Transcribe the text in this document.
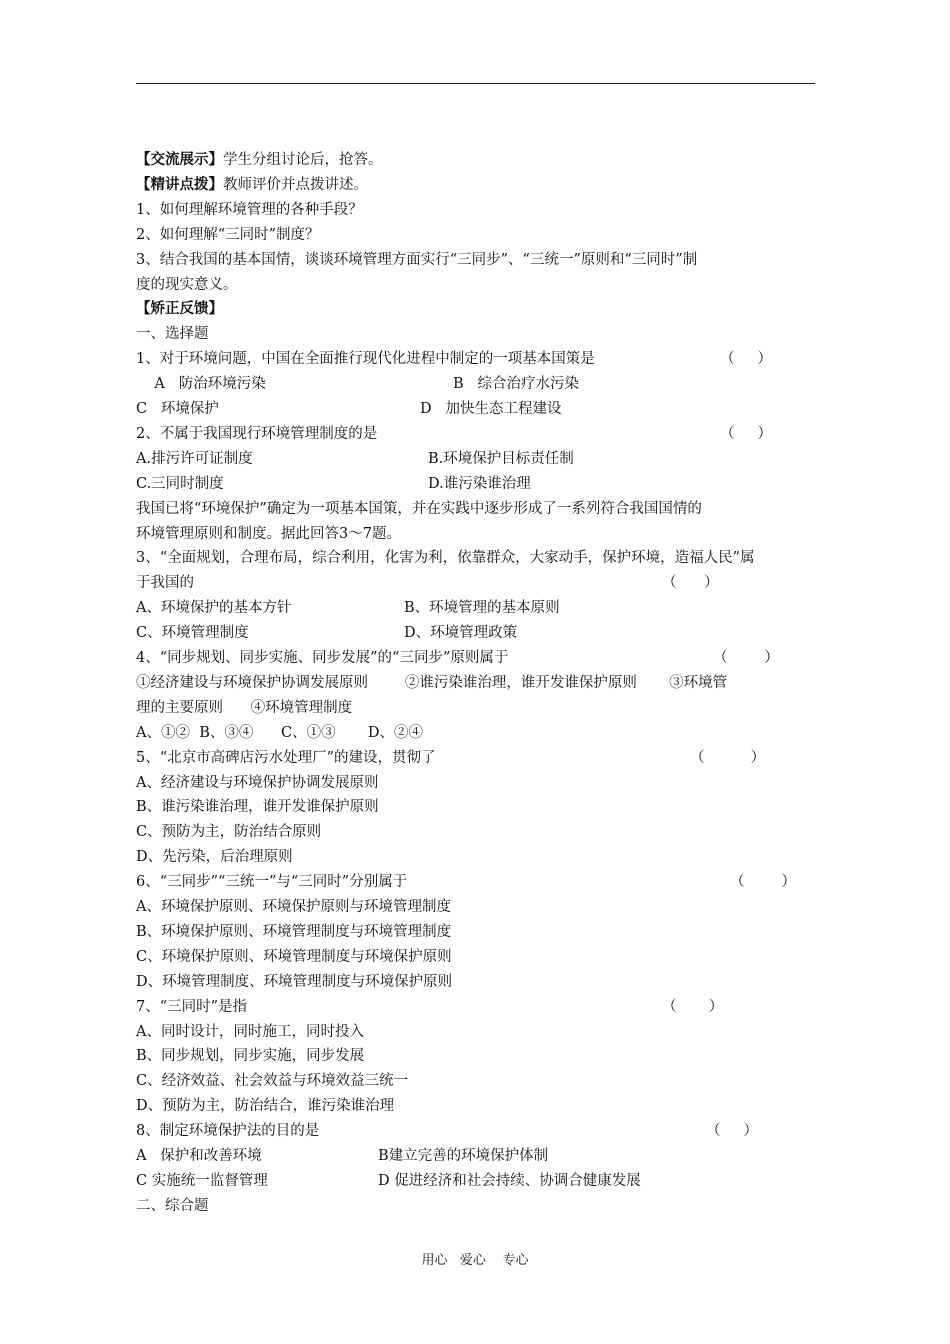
【交流展示】学生分组讨论后，抢答。
【精讲点拨】教师评价并点拨讲述。
1、如何理解环境管理的各种手段？
2、如何理解“三同时”制度？
3、结合我国的基本国情，谈谈环境管理方面实行“三同步”、“三统一”原则和“三同时”制
度的现实意义。
【矫正反馈】
一、选择题
1、对于环境问题，中国在全面推行现代化进程中制定的一项基本国策是	（     ）
A   防治环境污染	B   综合治疗水污染
C   环境保护	D   加快生态工程建设
2、不属于我国现行环境管理制度的是	（     ）
A.排污许可证制度	B.环境保护目标责任制
C.三同时制度	D.谁污染谁治理
我国已将“环境保护”确定为一项基本国策，并在实践中逐步形成了一系列符合我国国情的
环境管理原则和制度。据此回答3～7题。
3、“全面规划，合理布局，综合利用，化害为利，依靠群众，大家动手，保护环境，造福人民”属
于我国的	（      ）
A、环境保护的基本方针	B、环境管理的基本原则
C、环境管理制度	D、环境管理政策
4、“同步规划、同步实施、同步发展”的“三同步”原则属于	（        ）
①经济建设与环境保护协调发展原则        ②谁污染谁治理，谁开发谁保护原则       ③环境管
理的主要原则      ④环境管理制度
A、①②  B、③④      C、①③       D、②④
5、“北京市高碑店污水处理厂”的建设，贯彻了	（          ）
A、经济建设与环境保护协调发展原则
B、谁污染谁治理，谁开发谁保护原则
C、预防为主，防治结合原则
D、先污染，后治理原则
6、“三同步”“三统一”与“三同时”分别属于	（        ）
A、环境保护原则、环境保护原则与环境管理制度
B、环境保护原则、环境管理制度与环境管理制度
C、环境保护原则、环境管理制度与环境保护原则
D、环境管理制度、环境管理制度与环境保护原则
7、“三同时”是指	（       ）
A、同时设计，同时施工，同时投入
B、同步规划，同步实施，同步发展
C、经济效益、社会效益与环境效益三统一
D、预防为主，防治结合，谁污染谁治理
8、制定环境保护法的目的是	（     ）
A   保护和改善环境	B建立完善的环境保护体制
C 实施统一监督管理	D 促进经济和社会持续、协调合健康发展
二、综合题
用心   爱心    专心
